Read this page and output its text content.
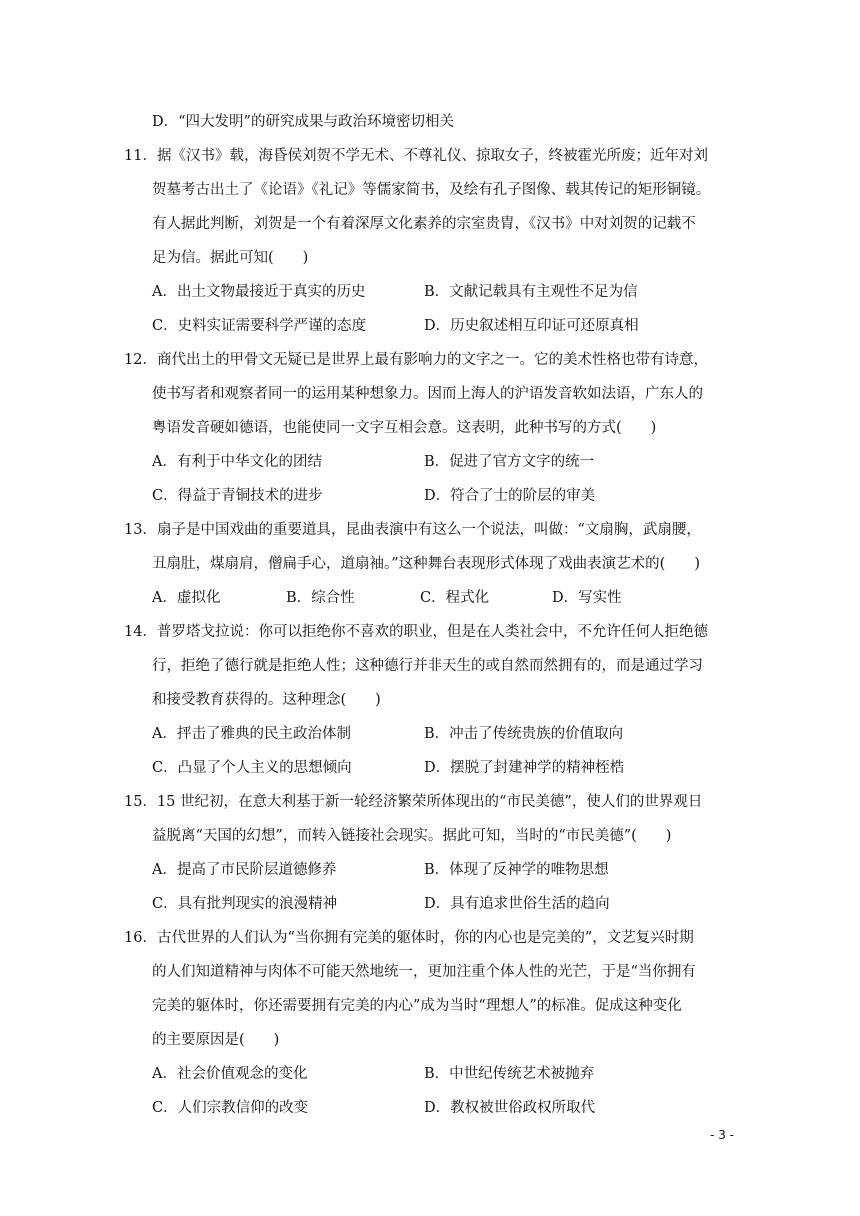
D．“四大发明”的研究成果与政治环境密切相关
11．据《汉书》载，海昏侯刘贺不学无术、不尊礼仪、掠取女子，终被霍光所废；近年对刘
贺墓考古出土了《论语》《礼记》等儒家简书，及绘有孔子图像、载其传记的矩形铜镜。
有人据此判断，刘贺是一个有着深厚文化素养的宗室贵胄，《汉书》中对刘贺的记载不
足为信。据此可知(　　)
A．出土文物最接近于真实的历史	B．文献记载具有主观性不足为信
C．史料实证需要科学严谨的态度	D．历史叙述相互印证可还原真相
12．商代出土的甲骨文无疑已是世界上最有影响力的文字之一。它的美术性格也带有诗意，
使书写者和观察者同一的运用某种想象力。因而上海人的沪语发音软如法语，广东人的
粤语发音硬如德语，也能使同一文字互相会意。这表明，此种书写的方式(　　)
A．有利于中华文化的团结	B．促进了官方文字的统一
C．得益于青铜技术的进步	D．符合了士的阶层的审美
13．扇子是中国戏曲的重要道具，昆曲表演中有这么一个说法，叫做：“文扇胸，武扇腰，
丑扇肚，煤扇肩，僧扁手心，道扇袖。”这种舞台表现形式体现了戏曲表演艺术的(　　)
A．虚拟化	B．综合性	C．程式化	D．写实性
14．普罗塔戈拉说：你可以拒绝你不喜欢的职业，但是在人类社会中，不允许任何人拒绝德
行，拒绝了德行就是拒绝人性；这种德行并非天生的或自然而然拥有的，而是通过学习
和接受教育获得的。这种理念(　　)
A．抨击了雅典的民主政治体制	B．冲击了传统贵族的价值取向
C．凸显了个人主义的思想倾向	D．摆脱了封建神学的精神桎梏
15．15 世纪初，在意大利基于新一轮经济繁荣所体现出的“市民美德”，使人们的世界观日
益脱离“天国的幻想”，而转入链接社会现实。据此可知，当时的“市民美德”(　　)
A．提高了市民阶层道德修养	B．体现了反神学的唯物思想
C．具有批判现实的浪漫精神	D．具有追求世俗生活的趋向
16．古代世界的人们认为“当你拥有完美的躯体时，你的内心也是完美的”，文艺复兴时期
的人们知道精神与肉体不可能天然地统一，更加注重个体人性的光芒，于是“当你拥有
完美的躯体时，你还需要拥有完美的内心”成为当时“理想人”的标准。促成这种变化
的主要原因是(　　)
A．社会价值观念的变化	B．中世纪传统艺术被抛弃
C．人们宗教信仰的改变	D．教权被世俗政权所取代
- 3 -
